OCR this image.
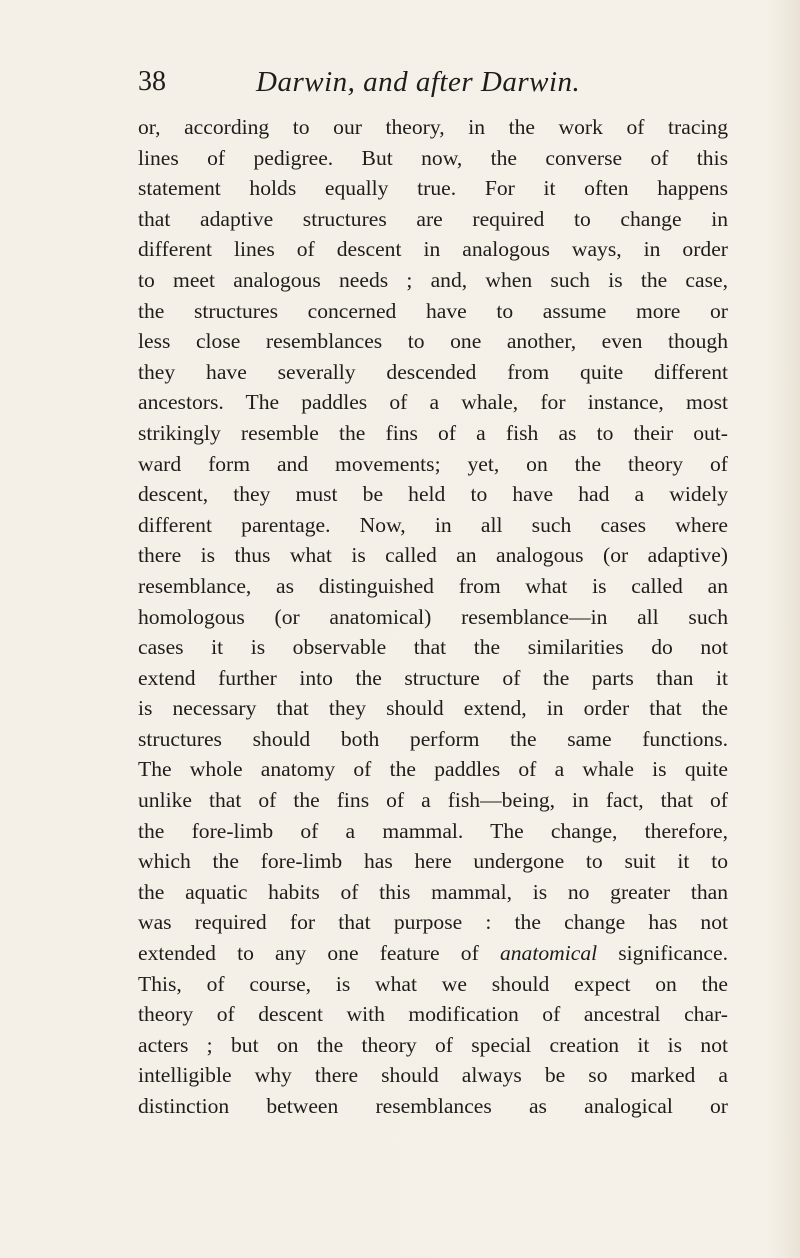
38	Darwin, and after Darwin.
or, according to our theory, in the work of tracing
lines of pedigree. But now, the converse of this
statement holds equally true. For it often happens
that adaptive structures are required to change in
different lines of descent in analogous ways, in order
to meet analogous needs ; and, when such is the case,
the structures concerned have to assume more or
less close resemblances to one another, even though
they have severally descended from quite different
ancestors. The paddles of a whale, for instance, most
strikingly resemble the fins of a fish as to their out-
ward form and movements; yet, on the theory of
descent, they must be held to have had a widely
different parentage. Now, in all such cases where
there is thus what is called an analogous (or adaptive)
resemblance, as distinguished from what is called an
homologous (or anatomical) resemblance—in all such
cases it is observable that the similarities do not
extend further into the structure of the parts than it
is necessary that they should extend, in order that the
structures should both perform the same functions.
The whole anatomy of the paddles of a whale is quite
unlike that of the fins of a fish—being, in fact, that of
the fore-limb of a mammal. The change, therefore,
which the fore-limb has here undergone to suit it to
the aquatic habits of this mammal, is no greater than
was required for that purpose : the change has not
extended to any one feature of anatomical significance.
This, of course, is what we should expect on the
theory of descent with modification of ancestral char-
acters ; but on the theory of special creation it is not
intelligible why there should always be so marked a
distinction between resemblances as analogical or
